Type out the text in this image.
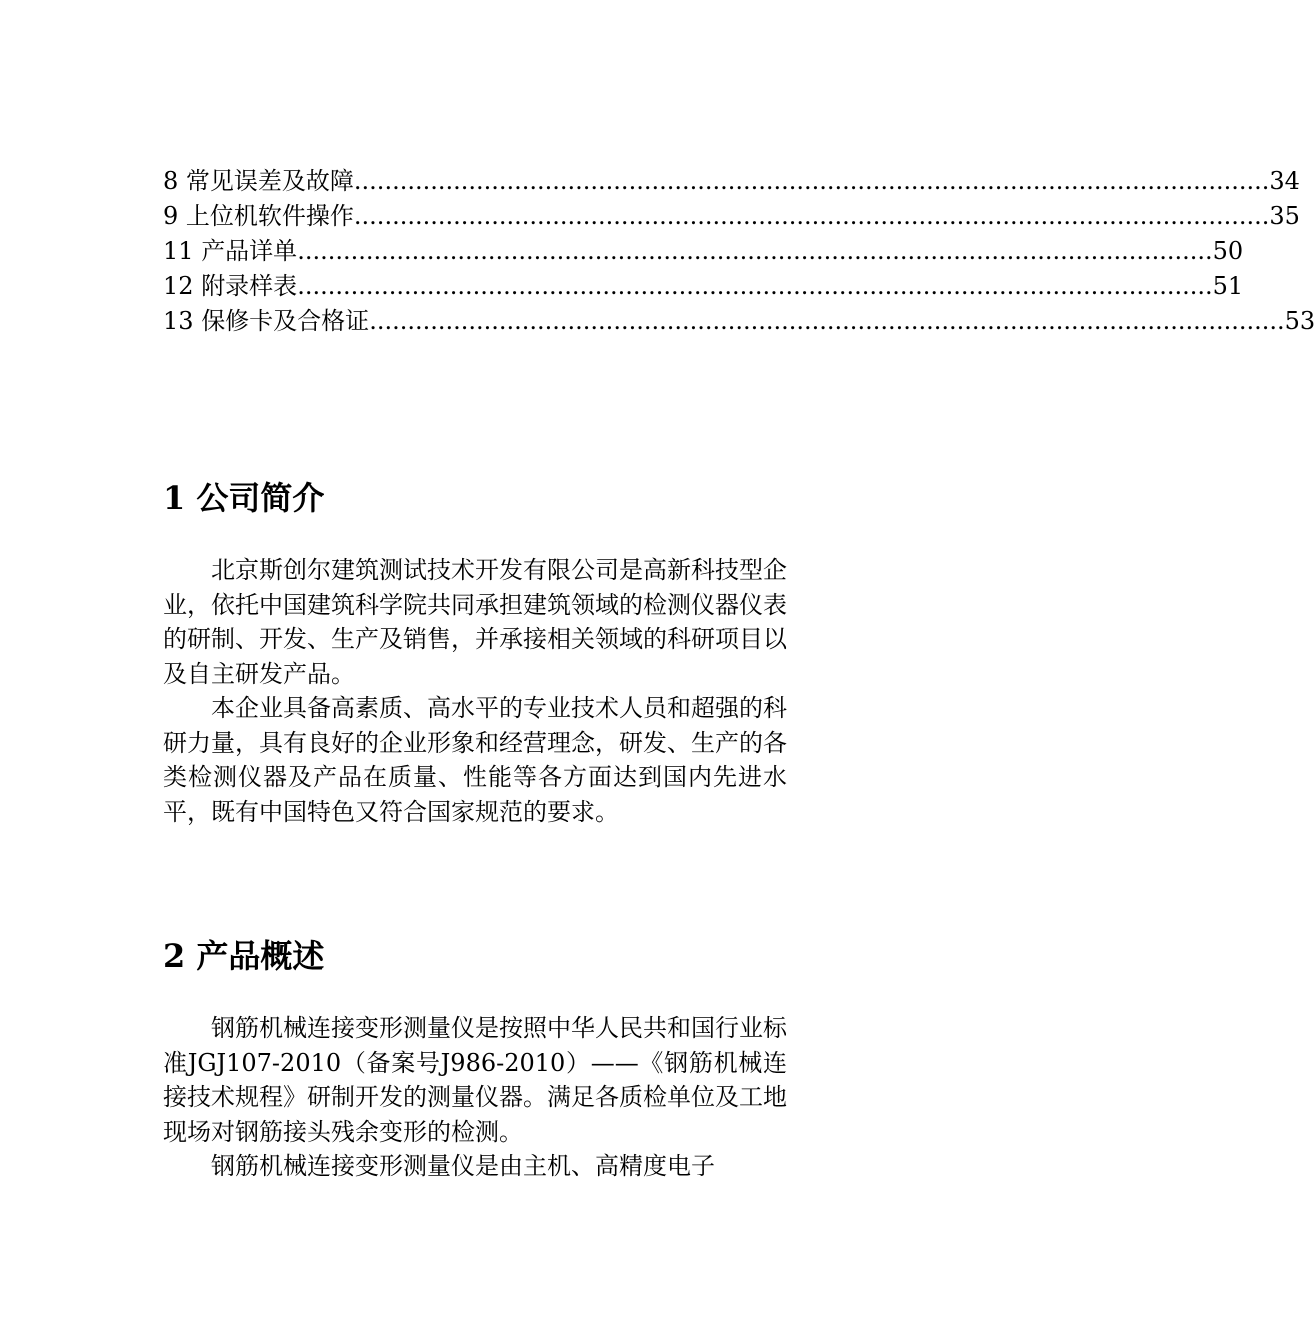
8
常见误差及故障 ........................................................................................................................ 34
9
上位机软件操作 ........................................................................................................................ 35
11
产品详单 ........................................................................................................................ 50
12
附录样表 ........................................................................................................................ 51
13
保修卡及合格证 ........................................................................................................................ 53
1 公司简介

北京斯创尔建筑测试技术开发有限公司是高新科技型企业，依托中国建筑科学院共同承担建筑领域的检测仪器仪表的研制、开发、生产及销售，并承接相关领域的科研项目以及自主研发产品。

本企业具备高素质、高水平的专业技术人员和超强的科研力量，具有良好的企业形象和经营理念，研发、生产的各类检测仪器及产品在质量、性能等各方面达到国内先进水平，既有中国特色又符合国家规范的要求。

2 产品概述

钢筋机械连接变形测量仪是按照中华人民共和国行业标准JGJ107-2010（备案号J986-2010）——《钢筋机械连接技术规程》研制开发的测量仪器。满足各质检单位及工地现场对钢筋接头残余变形的检测。

钢筋机械连接变形测量仪是由主机、高精度电子
